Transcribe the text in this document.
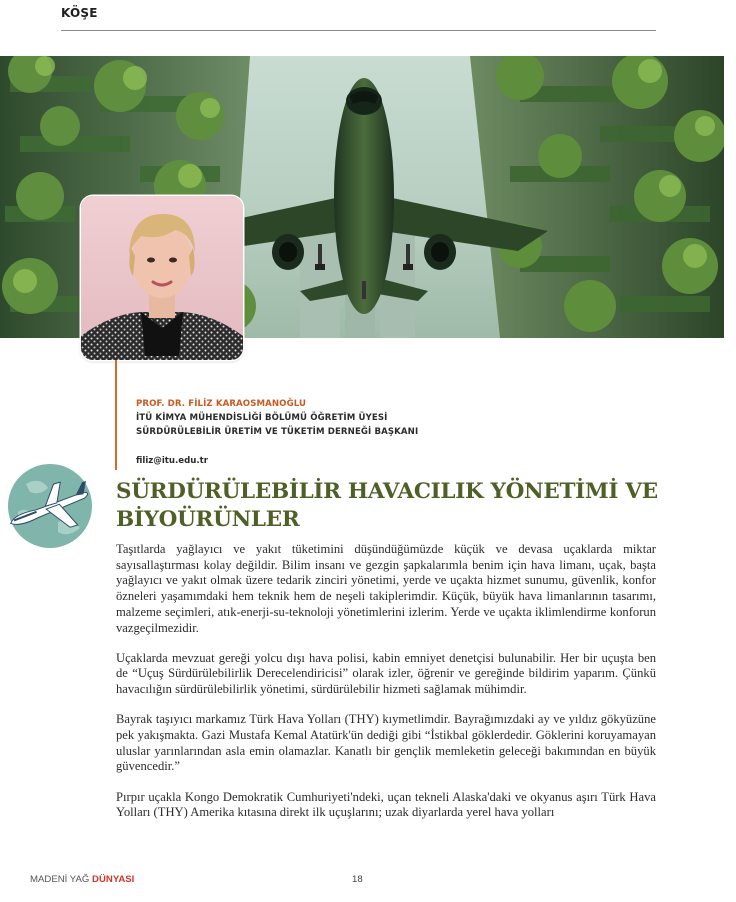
KÖŞE
PROF. DR. FİLİZ KARAOSMANOĞLU
İTÜ KİMYA MÜHENDİSLİĞİ BÖLÜMÜ ÖĞRETİM ÜYESİ
SÜRDÜRÜLEBİLİR ÜRETİM VE TÜKETİM DERNEĞİ BAŞKANI
filiz@itu.edu.tr
SÜRDÜRÜLEBİLİR HAVACILIK YÖNETİMİ VE
BİYOÜRÜNLER

Taşıtlarda yağlayıcı ve yakıt tüketimini düşündüğümüzde küçük ve devasa uçaklarda miktar sayısallaştırması kolay değildir. Bilim insanı ve gezgin şapkalarımla benim için hava limanı, uçak, başta yağlayıcı ve yakıt olmak üzere tedarik zinciri yönetimi, yerde ve uçakta hizmet sunumu, güvenlik, konfor özneleri yaşamımdaki hem teknik hem de neşeli takiplerimdir. Küçük, büyük hava limanlarının tasarımı, malzeme seçimleri, atık-enerji-su-teknoloji yönetimlerini izlerim. Yerde ve uçakta iklimlendirme konforun vazgeçilmezidir.

Uçaklarda mevzuat gereği yolcu dışı hava polisi, kabin emniyet denetçisi bulunabilir. Her bir uçuşta ben de “Uçuş Sürdürülebilirlik Derecelendiricisi” olarak izler, öğrenir ve gereğinde bildirim yaparım. Çünkü havacılığın sürdürülebilirlik yönetimi, sürdürülebilir hizmeti sağlamak mühimdir.

Bayrak taşıyıcı markamız Türk Hava Yolları (THY) kıymetlimdir. Bayrağımızdaki ay ve yıldız gökyüzüne pek yakışmakta. Gazi Mustafa Kemal Atatürk'ün dediği gibi “İstikbal göklerdedir. Göklerini koruyamayan uluslar yarınlarından asla emin olamazlar. Kanatlı bir gençlik memleketin geleceği bakımından en büyük güvencedir.”

Pırpır uçakla Kongo Demokratik Cumhuriyeti'ndeki, uçan tekneli Alaska'daki ve okyanus aşırı Türk Hava Yolları (THY) Amerika kıtasına direkt ilk uçuşlarını; uzak diyarlarda yerel hava yolları

MADENİ YAĞ DÜNYASI	18
